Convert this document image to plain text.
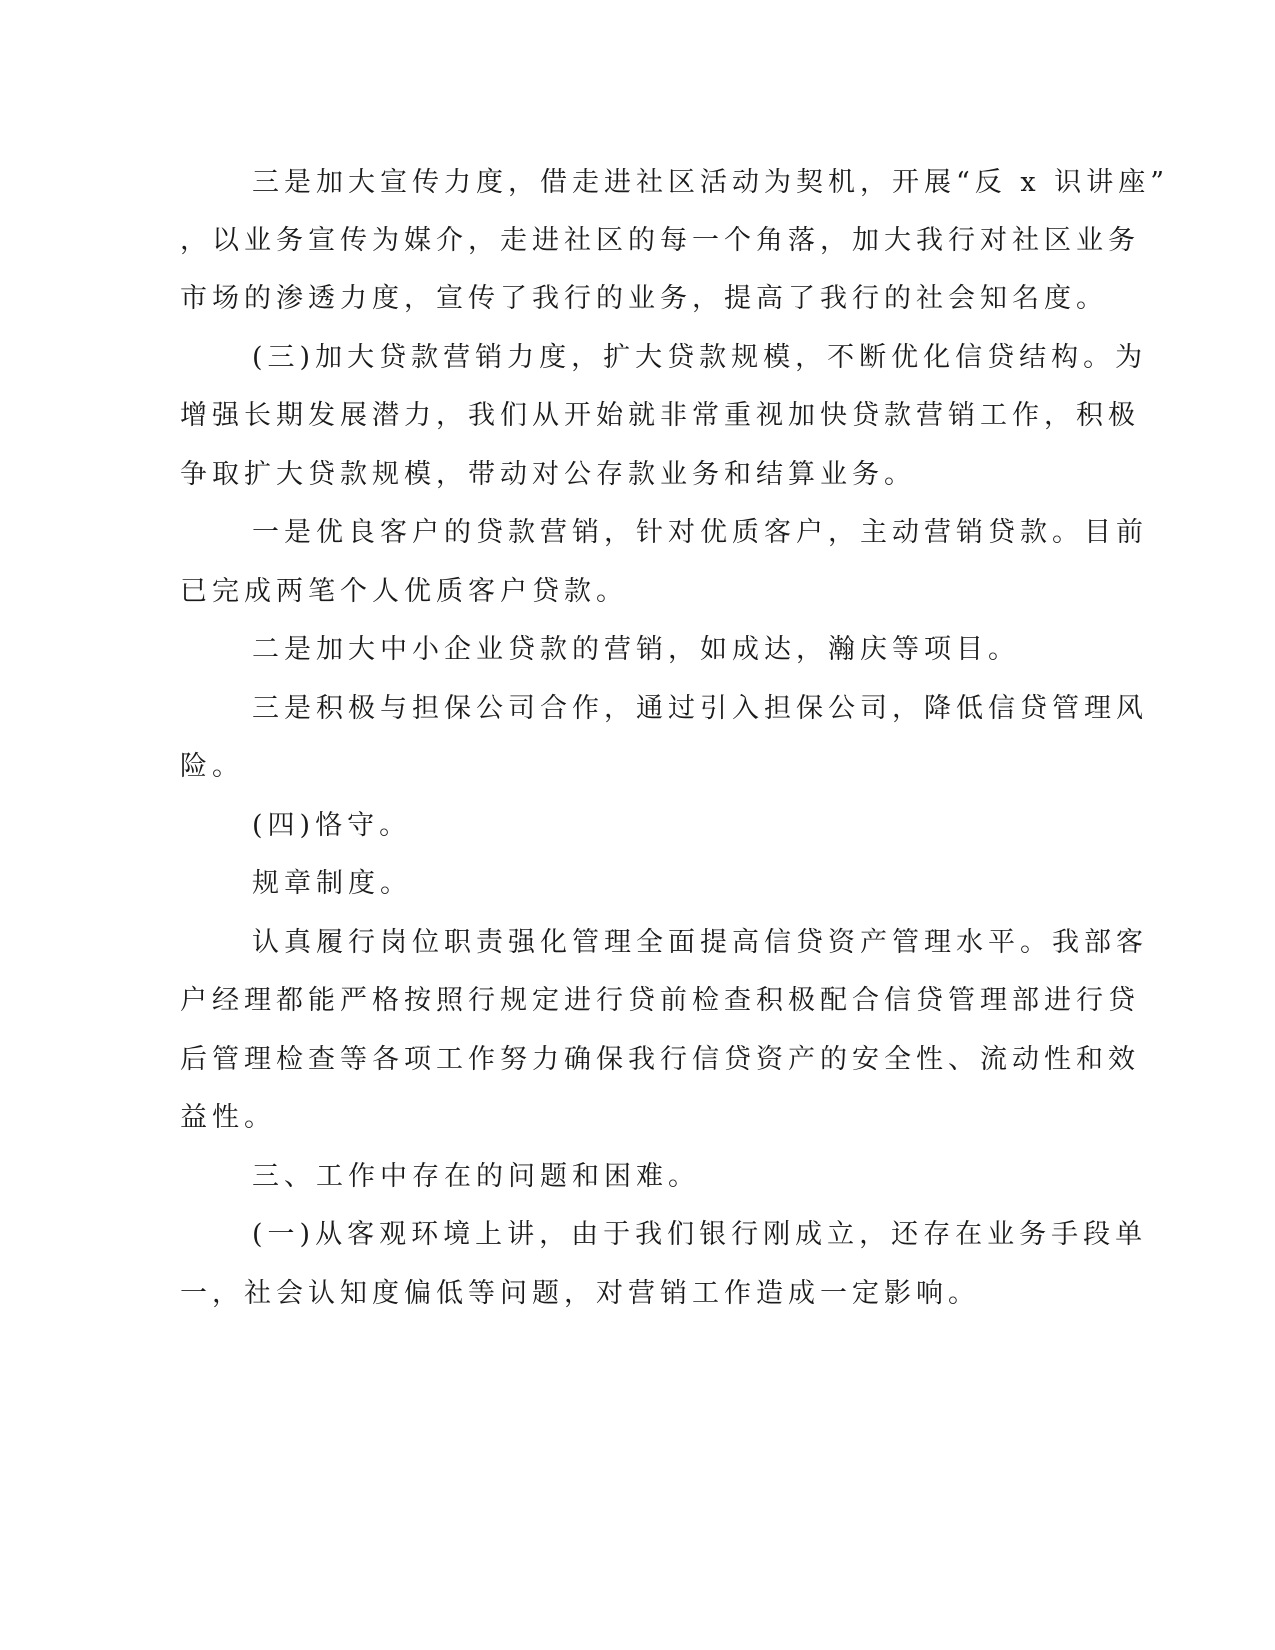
三是加大宣传力度，借走进社区活动为契机，开展“反 x 识讲座”
，以业务宣传为媒介，走进社区的每一个角落，加大我行对社区业务
市场的渗透力度，宣传了我行的业务，提高了我行的社会知名度。
(三)加大贷款营销力度，扩大贷款规模，不断优化信贷结构。为
增强长期发展潜力，我们从开始就非常重视加快贷款营销工作，积极
争取扩大贷款规模，带动对公存款业务和结算业务。
一是优良客户的贷款营销，针对优质客户，主动营销贷款。目前
已完成两笔个人优质客户贷款。
二是加大中小企业贷款的营销，如成达，瀚庆等项目。
三是积极与担保公司合作，通过引入担保公司，降低信贷管理风
险。
(四)恪守。
规章制度。
认真履行岗位职责强化管理全面提高信贷资产管理水平。我部客
户经理都能严格按照行规定进行贷前检查积极配合信贷管理部进行贷
后管理检查等各项工作努力确保我行信贷资产的安全性、流动性和效
益性。
三、工作中存在的问题和困难。
(一)从客观环境上讲，由于我们银行刚成立，还存在业务手段单
一，社会认知度偏低等问题，对营销工作造成一定影响。
